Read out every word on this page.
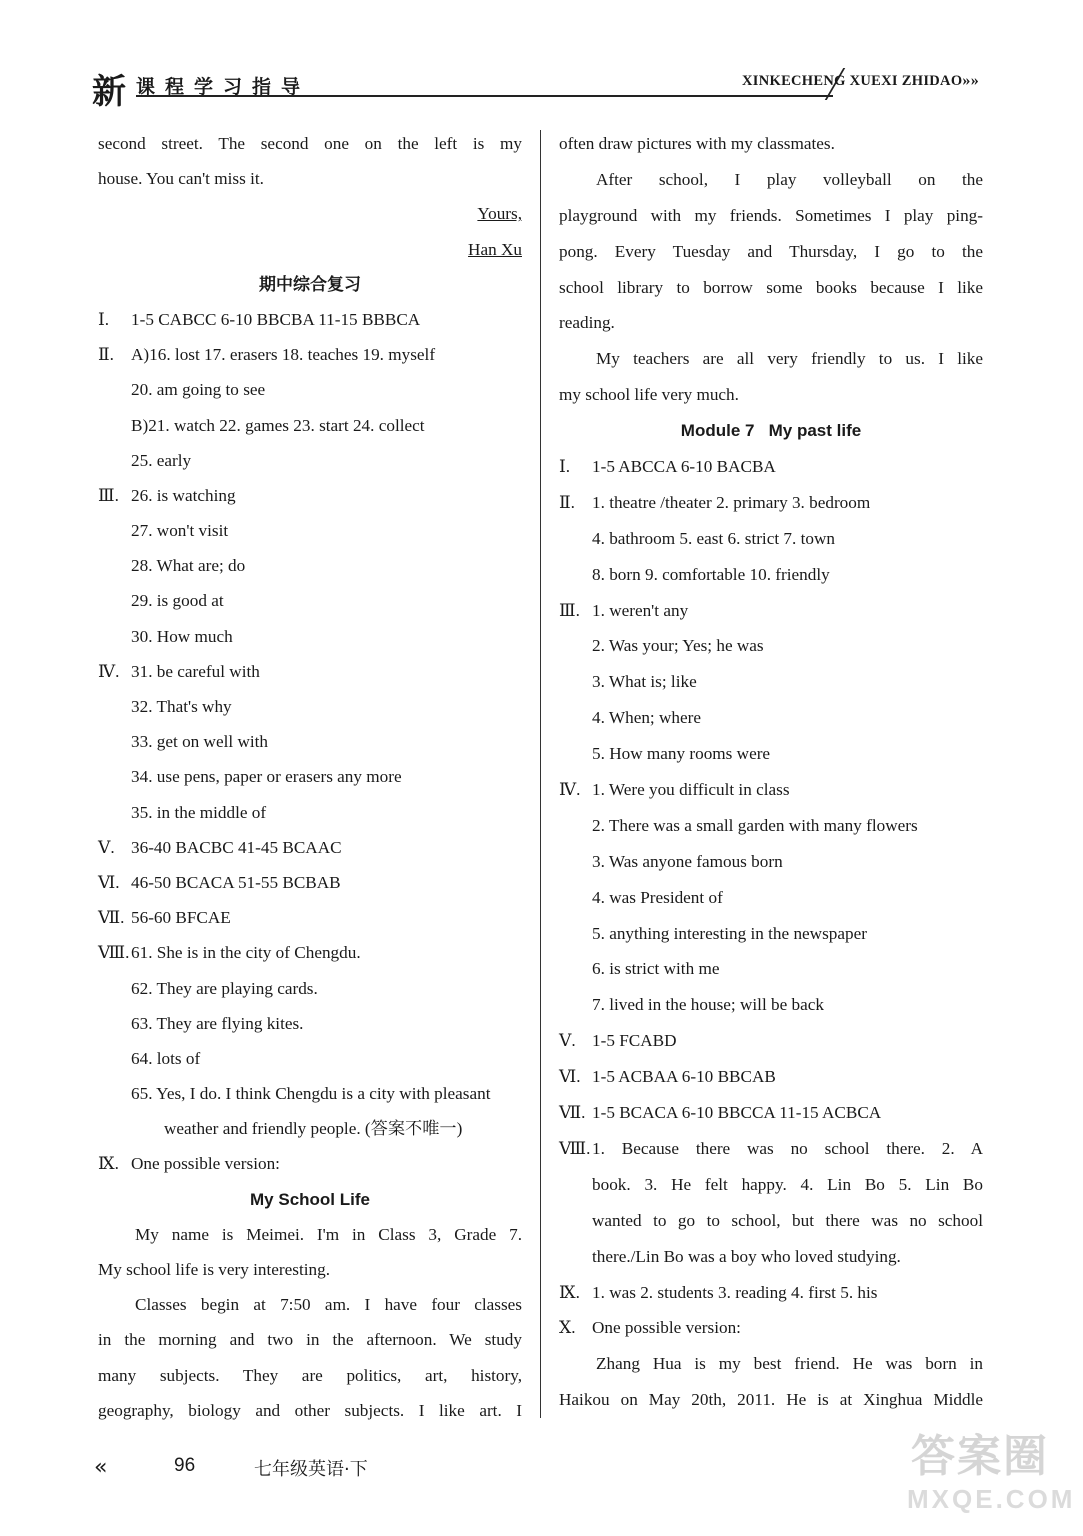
新 课程学习指导	XINKECHENG XUEXI ZHIDAO»»
second street. The second one on the left is my
house. You can't miss it.
Yours,
Han Xu
期中综合复习
Ⅰ. 1-5 CABCC 6-10 BBCBA 11-15 BBBCA
Ⅱ. A)16. lost 17. erasers 18. teaches 19. myself
20. am going to see
B)21. watch 22. games 23. start 24. collect
25. early
Ⅲ. 26. is watching
27. won't visit
28. What are; do
29. is good at
30. How much
Ⅳ. 31. be careful with
32. That's why
33. get on well with
34. use pens, paper or erasers any more
35. in the middle of
Ⅴ. 36-40 BACBC 41-45 BCAAC
Ⅵ. 46-50 BCACA 51-55 BCBAB
Ⅶ. 56-60 BFCAE
Ⅷ.61. She is in the city of Chengdu.
62. They are playing cards.
63. They are flying kites.
64. lots of
65. Yes, I do. I think Chengdu is a city with pleasant
weather and friendly people. (答案不唯一)
Ⅸ. One possible version:
My School Life
My name is Meimei. I'm in Class 3, Grade 7.
My school life is very interesting.
Classes begin at 7:50 am. I have four classes
in the morning and two in the afternoon. We study
many subjects. They are politics, art, history,
geography, biology and other subjects. I like art. I
often draw pictures with my classmates.
After school, I play volleyball on the
playground with my friends. Sometimes I play ping-
pong. Every Tuesday and Thursday, I go to the
school library to borrow some books because I like
reading.
My teachers are all very friendly to us. I like
my school life very much.
Module 7   My past life
Ⅰ. 1-5 ABCCA 6-10 BACBA
Ⅱ. 1. theatre /theater 2. primary 3. bedroom
4. bathroom 5. east 6. strict 7. town
8. born 9. comfortable 10. friendly
Ⅲ. 1. weren't any
2. Was your; Yes; he was
3. What is; like
4. When; where
5. How many rooms were
Ⅳ. 1. Were you difficult in class
2. There was a small garden with many flowers
3. Was anyone famous born
4. was President of
5. anything interesting in the newspaper
6. is strict with me
7. lived in the house; will be back
Ⅴ. 1-5 FCABD
Ⅵ. 1-5 ACBAA 6-10 BBCAB
Ⅶ. 1-5 BCACA 6-10 BBCCA 11-15 ACBCA
Ⅷ. 1. Because there was no school there. 2. A
book. 3. He felt happy. 4. Lin Bo 5. Lin Bo
wanted to go to school, but there was no school
there./Lin Bo was a boy who loved studying.
Ⅸ. 1. was 2. students 3. reading 4. first 5. his
Ⅹ. One possible version:
Zhang Hua is my best friend. He was born in
Haikou on May 20th, 2011. He is at Xinghua Middle
«	96	七年级英语·下	答案圈
MXQE.COM
